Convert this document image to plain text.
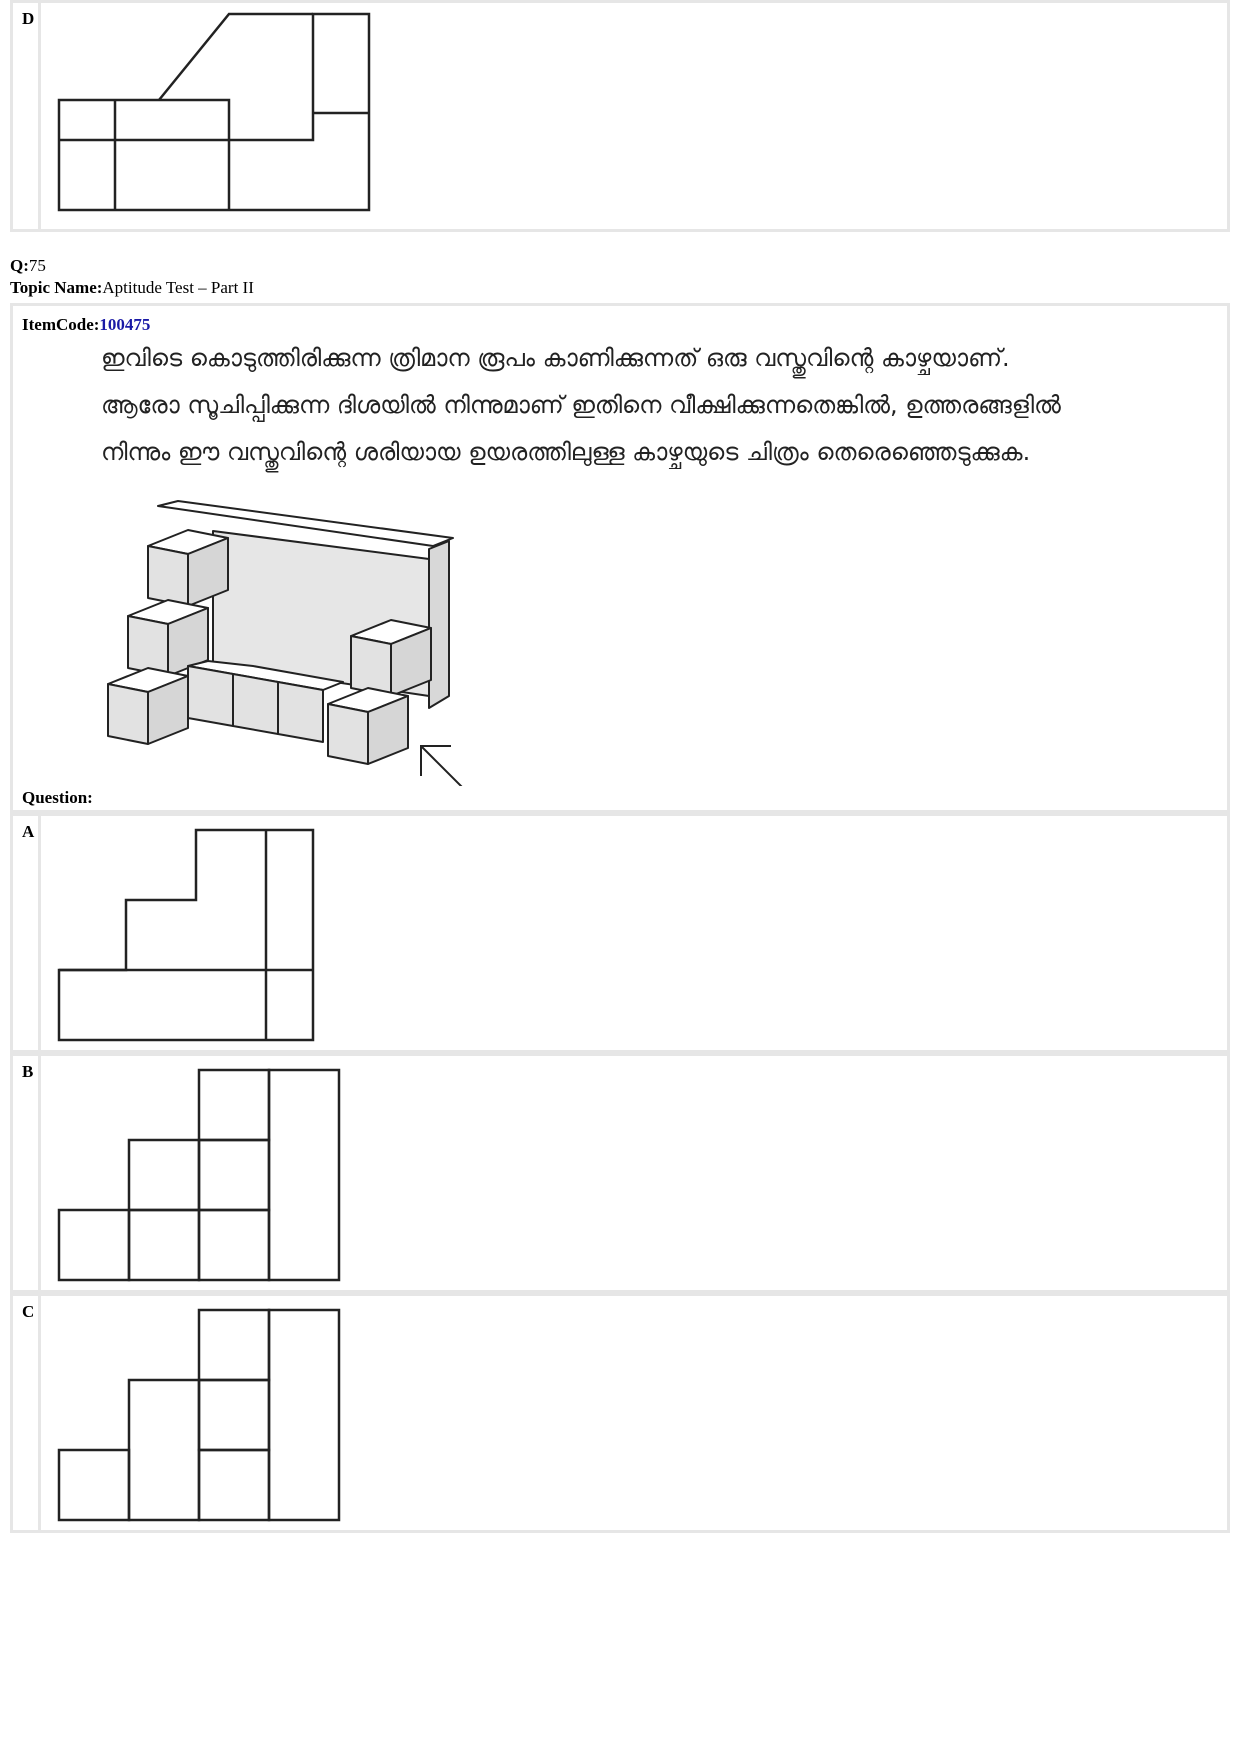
D
Q:75
Topic Name:Aptitude Test – Part II
ItemCode:100475
ഇവിടെ കൊടുത്തിരിക്കുന്ന ത്രിമാന രൂപം കാണിക്കുന്നത് ഒരു വസ്തുവിന്റെ കാഴ്ചയാണ്.
ആരോ സൂചിപ്പിക്കുന്ന ദിശയിൽ നിന്നുമാണ് ഇതിനെ വീക്ഷിക്കുന്നതെങ്കിൽ, ഉത്തരങ്ങളിൽ
നിന്നും ഈ വസ്തുവിന്റെ ശരിയായ ഉയരത്തിലുള്ള കാഴ്ചയുടെ ചിത്രം തെരെഞ്ഞെടുക്കുക.
Question:
A
B
C
